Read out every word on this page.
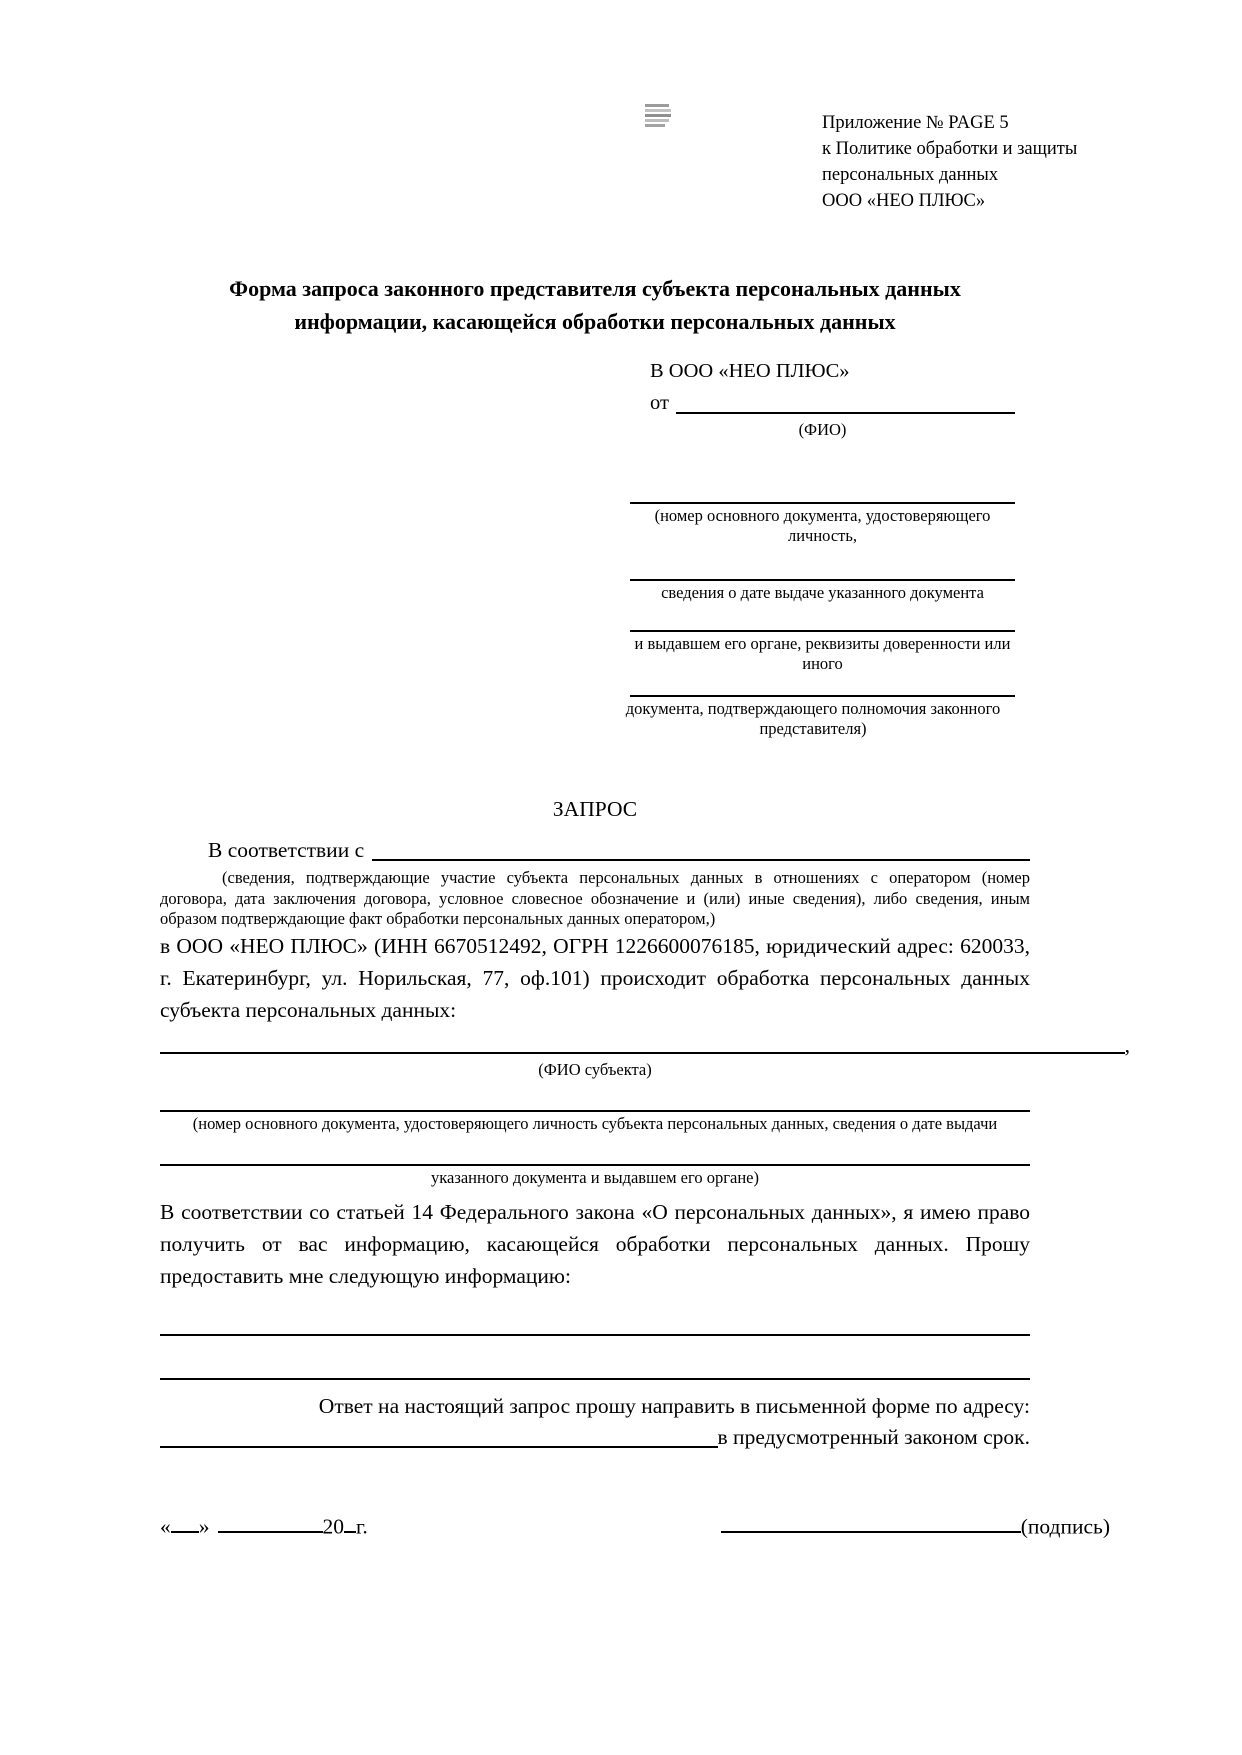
Приложение № PAGE 5
к Политике обработки и защиты
персональных данных
ООО «НЕО ПЛЮС»
Форма запроса законного представителя субъекта персональных данных
информации, касающейся обработки персональных данных
В ООО «НЕО ПЛЮС»
от
(ФИО)
(номер основного документа, удостоверяющего личность,
сведения о дате выдаче указанного документа
и выдавшем его органе, реквизиты доверенности или иного
документа, подтверждающего полномочия законного представителя)
ЗАПРОС
В соответствии с
(сведения, подтверждающие участие субъекта персональных данных в отношениях с оператором (номер договора, дата заключения договора, условное словесное обозначение и (или) иные сведения), либо сведения, иным образом подтверждающие факт обработки персональных данных оператором,)
в ООО «НЕО ПЛЮС» (ИНН 6670512492, ОГРН 1226600076185, юридический адрес: 620033, г. Екатеринбург, ул. Норильская, 77, оф.101) происходит обработка персональных данных субъекта персональных данных:
,
(ФИО субъекта)
(номер основного документа, удостоверяющего личность субъекта персональных данных, сведения о дате выдачи
указанного документа и выдавшем его органе)
В соответствии со статьей 14 Федерального закона «О персональных данных», я имею право получить от вас информацию, касающейся обработки персональных данных. Прошу предоставить мне следующую информацию:
Ответ на настоящий запрос прошу направить в письменной форме по адресу:
в предусмотренный законом срок.
« »	20 г.	(подпись)
